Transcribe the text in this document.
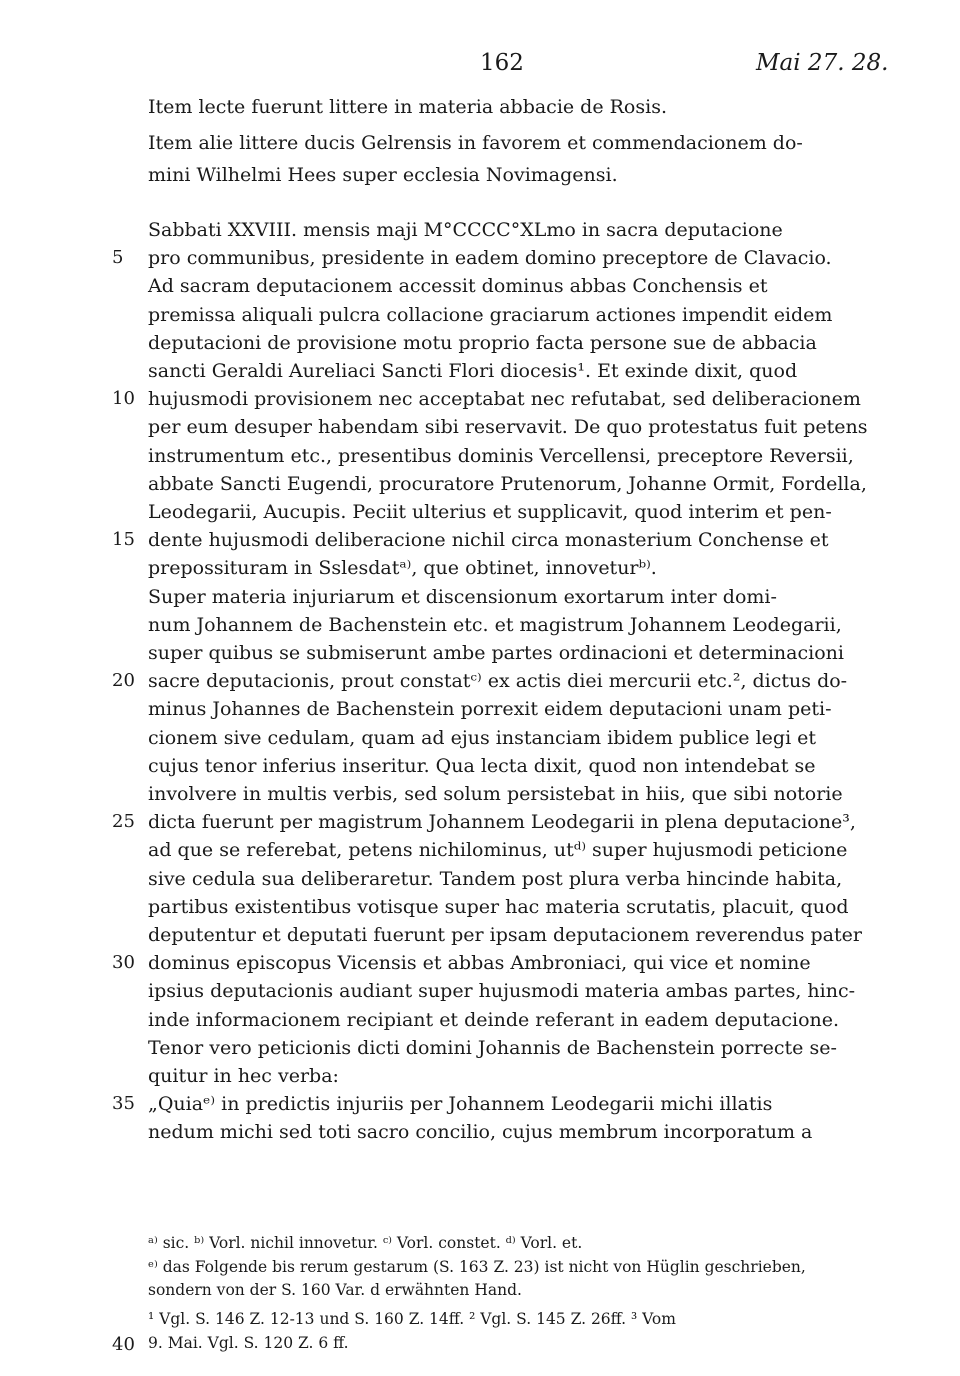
162	Mai 27. 28.
Item lecte fuerunt littere in materia abbacie de Rosis.
Item alie littere ducis Gelrensis in favorem et commendacionem do-
mini Wilhelmi Hees super ecclesia Novimagensi.
Sabbati XXVIII. mensis maji M°CCCC°XLmo in sacra deputacione
pro communibus, presidente in eadem domino preceptore de Clavacio.
Ad sacram deputacionem accessit dominus abbas Conchensis et
premissa aliquali pulcra collacione graciarum actiones impendit eidem
deputacioni de provisione motu proprio facta persone sue de abbacia
sancti Geraldi Aureliaci Sancti Flori diocesis¹. Et exinde dixit, quod
hujusmodi provisionem nec acceptabat nec refutabat, sed deliberacionem
per eum desuper habendam sibi reservavit. De quo protestatus fuit petens
instrumentum etc., presentibus dominis Vercellensi, preceptore Reversii,
abbate Sancti Eugendi, procuratore Prutenorum, Johanne Ormit, Fordella,
Leodegarii, Aucupis. Peciit ulterius et supplicavit, quod interim et pen-
dente hujusmodi deliberacione nichil circa monasterium Conchense et
prepossituram in Sslesdatᵃ⁾, que obtinet, innoveturᵇ⁾.
Super materia injuriarum et discensionum exortarum inter domi-
num Johannem de Bachenstein etc. et magistrum Johannem Leodegarii,
super quibus se submiserunt ambe partes ordinacioni et determinacioni
sacre deputacionis, prout constatᶜ⁾ ex actis diei mercurii etc.², dictus do-
minus Johannes de Bachenstein porrexit eidem deputacioni unam peti-
cionem sive cedulam, quam ad ejus instanciam ibidem publice legi et
cujus tenor inferius inseritur. Qua lecta dixit, quod non intendebat se
involvere in multis verbis, sed solum persistebat in hiis, que sibi notorie
dicta fuerunt per magistrum Johannem Leodegarii in plena deputacione³,
ad que se referebat, petens nichilominus, utᵈ⁾ super hujusmodi peticione
sive cedula sua deliberaretur. Tandem post plura verba hincinde habita,
partibus existentibus votisque super hac materia scrutatis, placuit, quod
deputentur et deputati fuerunt per ipsam deputacionem reverendus pater
dominus episcopus Vicensis et abbas Ambroniaci, qui vice et nomine
ipsius deputacionis audiant super hujusmodi materia ambas partes, hinc-
inde informacionem recipiant et deinde referant in eadem deputacione.
Tenor vero peticionis dicti domini Johannis de Bachenstein porrecte se-
quitur in hec verba:
„Quiaᵉ⁾ in predictis injuriis per Johannem Leodegarii michi illatis
nedum michi sed toti sacro concilio, cujus membrum incorporatum a
5
10
15
20
25
30
35
40
ᵃ⁾ sic. ᵇ⁾ Vorl. nichil innovetur. ᶜ⁾ Vorl. constet. ᵈ⁾ Vorl. et.
ᵉ⁾ das Folgende bis rerum gestarum (S. 163 Z. 23) ist nicht von Hüglin geschrieben,
sondern von der S. 160 Var. d erwähnten Hand.
¹ Vgl. S. 146 Z. 12-13 und S. 160 Z. 14ff. ² Vgl. S. 145 Z. 26ff. ³ Vom
9. Mai. Vgl. S. 120 Z. 6 ff.
